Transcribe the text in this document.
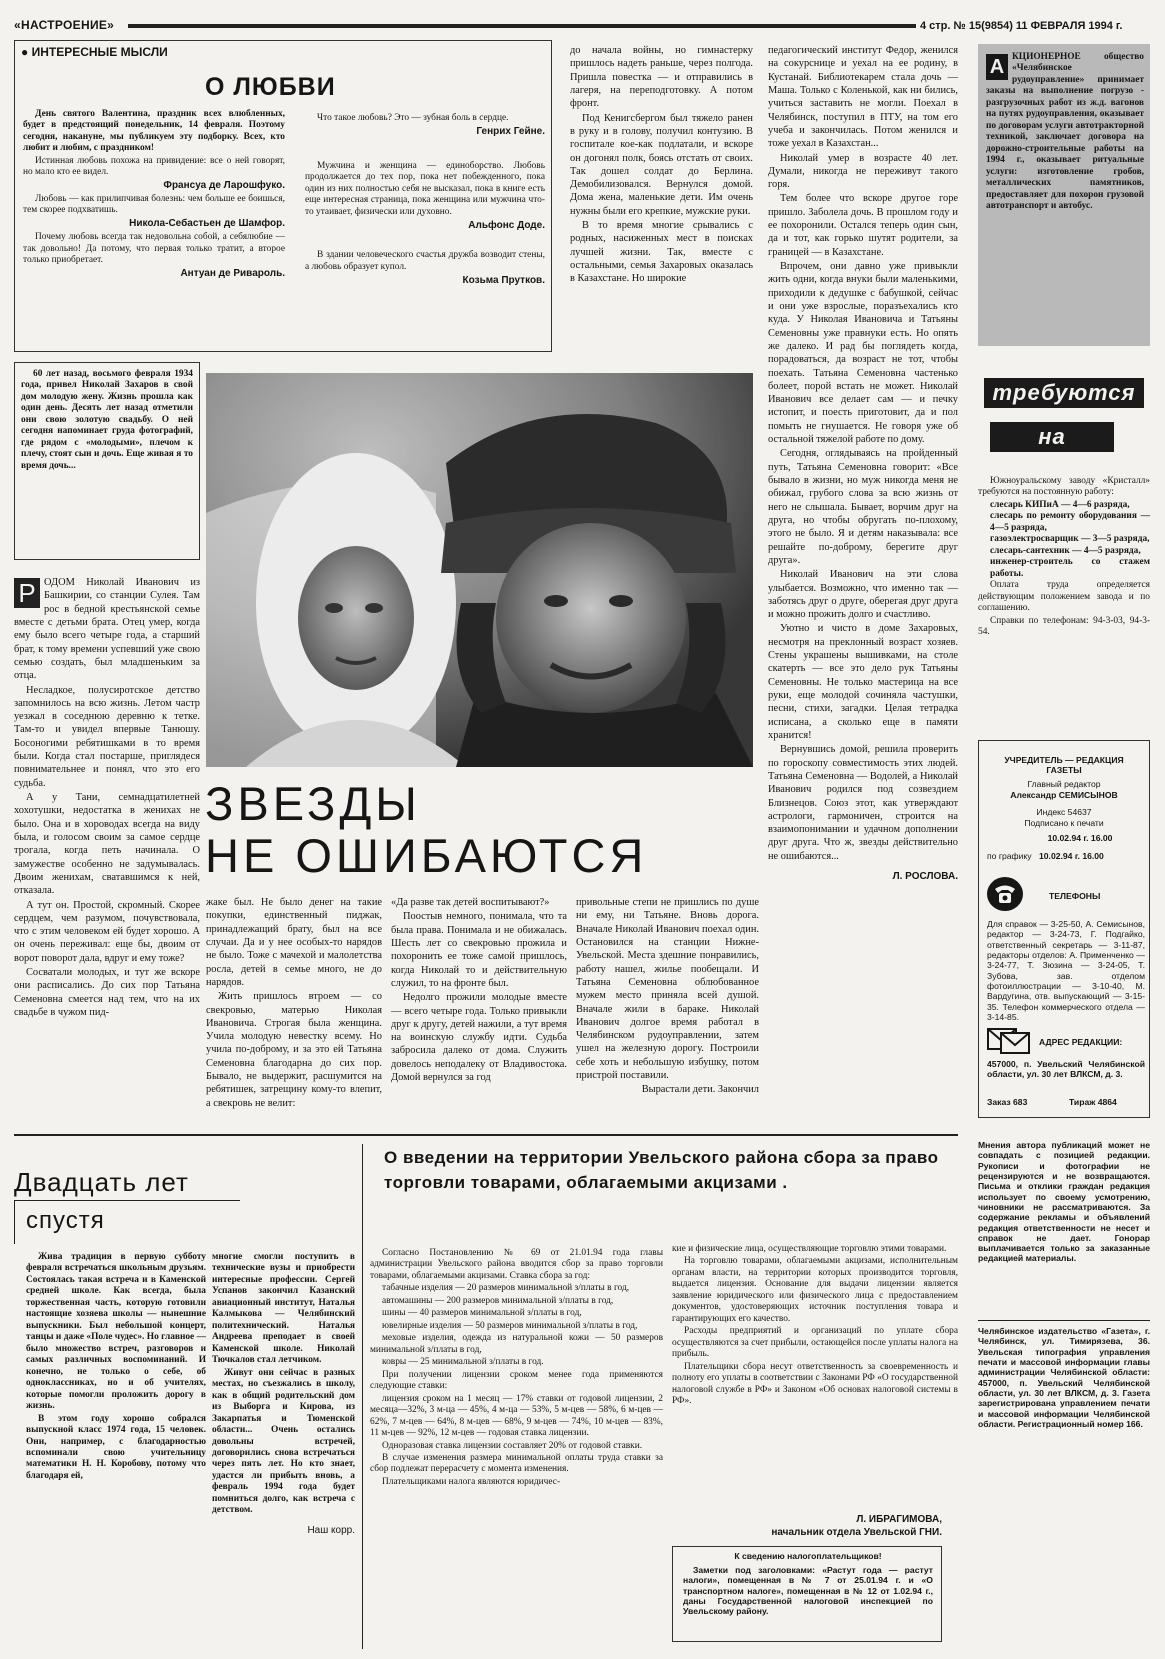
«НАСТРОЕНИЕ»	4 стр. № 15(9854) 11 ФЕВРАЛЯ 1994 г.
● ИНТЕРЕСНЫЕ МЫСЛИ
О ЛЮБВИ

День святого Валентина, праздник всех влюбленных, будет в предстоящий понедельник, 14 февраля. Поэтому сегодня, накануне, мы публикуем эту подборку. Всех, кто любит и любим, с праздником!

Истинная любовь похожа на привидение: все о ней говорят, но мало кто ее видел.

Франсуа де Ларошфуко.

Любовь — как прилипчивая болезнь: чем больше ее боишься, тем скорее подхватишь.

Никола-Себастьен де Шамфор.

Почему любовь всегда так недовольна собой, а себялюбие — так довольно! Да потому, что первая только тратит, а второе только приобретает.

Антуан де Ривароль.

Что такое любовь? Это — зубная боль в сердце.

Генрих Гейне.

Мужчина и женщина — единоборство. Любовь продолжается до тех пор, пока нет побежденного, пока один из них полностью себя не высказал, пока в книге есть еще интересная страница, пока женщина или мужчина что-то утаивает, физически или духовно.

Альфонс Доде.

В здании человеческого счастья дружба возводит стены, а любовь образует купол.

Козьма Прутков.
60 лет назад, восьмого февраля 1934 года, привел Николай Захаров в свой дом молодую жену. Жизнь прошла как один день. Десять лет назад отметили они свою золотую свадьбу. О ней сегодня напоминает груда фотографий, где рядом с «молодыми», плечом к плечу, стоят сын и дочь. Еще живая я то время дочь...
Р ОДОМ Николай Иванович из Башкирии, со станции Сулея. Там рос в бедной крестьянской семье вместе с детьми брата. Отец умер, когда ему было всего четыре года, а старший брат, к тому времени успевший уже свою семью создать, был младшеньким за отца.

Несладкое, полусиротское детство запомнилось на всю жизнь. Летом частр уезжал в соседнюю деревню к тетке. Там-то и увидел впервые Танюшу. Босоногими ребятишками в то время были. Когда стал постарше, приглядеся повнимательнее и понял, что это его судьба.

А у Тани, семнадцатилетней хохотушки, недостатка в женихах не было. Она и в хороводах всегда на виду была, и голосом своим за самое сердце трогала, когда петь начинала. О замужестве особенно не задумывалась. Двоим женихам, сватавшимся к ней, отказала.

А тут он. Простой, скромный. Скорее сердцем, чем разумом, почувствовала, что с этим человеком ей будет хорошо. А он очень переживал: еще бы, двоим от ворот поворот дала, вдруг и ему тоже?

Сосватали молодых, и тут же вскоре они расписались. До сих пор Татьяна Семеновна смеется над тем, что на их свадьбе в чужом пид-

ЗВЕЗДЫ
НЕ ОШИБАЮТСЯ

жаке был. Не было денег на такие покупки, единственный пиджак, принадлежащий брату, был на все случаи. Да и у нее особых-то нарядов не было. Тоже с мачехой и малолетства росла, детей в семье много, не до нарядов.

Жить пришлось втроем — со свекровью, матерью Николая Ивановича. Строгая была женщина. Учила молодую невестку всему. Но учила по-доброму, и за это ей Татьяна Семеновна благодарна до сих пор. Бывало, не выдержит, расшумится на ребятишек, затрещину кому-то влепит, а свекровь не велит:

«Да разве так детей воспитывают?»

Поостыв немного, понимала, что та была права. Понимала и не обижалась. Шесть лет со свекровью прожила и похоронить ее тоже самой пришлось, когда Николай то и действительную служил, то на фронте был.

Недолго прожили молодые вместе — всего четыре года. Только привыкли друг к другу, детей нажили, а тут время на воинскую службу идти. Судьба забросила далеко от дома. Служить довелось неподалеку от Владивостока. Домой вернулся за год

до начала войны, но гимнастерку пришлось надеть раньше, через полгода. Пришла повестка — и отправились в лагеря, на переподготовку. А потом фронт.

Под Кенигсбергом был тяжело ранен в руку и в голову, получил контузию. В госпитале кое-как подлатали, и вскоре он догонял полк, боясь отстать от своих. Так дошел солдат до Берлина. Демобилизовался. Вернулся домой. Дома жена, маленькие дети. Им очень нужны были его крепкие, мужские руки.

В то время многие срывались с родных, насиженных мест в поисках лучшей жизни. Так, вместе с остальными, семья Захаровых оказалась в Казахстане. Но широкие

привольные степи не пришлись по душе ни ему, ни Татьяне. Вновь дорога. Вначале Николай Иванович поехал один. Остановился на станции Нижне-Увельской. Места здешние понравились, работу нашел, жилье пообещали. И Татьяна Семеновна облюбованное мужем место приняла всей душой. Вначале жили в бараке. Николай Иванович долгое время работал в Челябинском рудоуправлении, затем ушел на железную дорогу. Построили себе хоть и небольшую избушку, потом пристрой поставили.

Вырастали дети. Закончил

педагогический институт Федор, женился на сокурснице и уехал на ее родину, в Кустанай. Библиотекарем стала дочь — Маша. Только с Коленькой, как ни бились, учиться заставить не могли. Поехал в Челябинск, поступил в ПТУ, на том его учеба и закончилась. Потом женился и тоже уехал в Казахстан...

Николай умер в возрасте 40 лет. Думали, никогда не переживут такого горя.

Тем более что вскоре другое горе пришло. Заболела дочь. В прошлом году и ее похоронили. Остался теперь один сын, да и тот, как горько шутят родители, за границей — в Казахстане.

Впрочем, они давно уже привыкли жить одни, когда внуки были маленькими, приходили к дедушке с бабушкой, сейчас и они уже взрослые, поразъехались кто куда. У Николая Ивановича и Татьяны Семеновны уже правнуки есть. Но опять же далеко. И рад бы поглядеть когда, порадоваться, да возраст не тот, чтобы поехать. Татьяна Семеновна частенько болеет, порой встать не может. Николай Иванович все делает сам — и печку истопит, и поесть приготовит, да и пол помыть не гнушается. Не говоря уже об остальной тяжелой работе по дому.

Сегодня, оглядываясь на пройденный путь, Татьяна Семеновна говорит: «Все бывало в жизни, но муж никогда меня не обижал, грубого слова за всю жизнь от него не слышала. Бывает, ворчим друг на друга, но чтобы обругать по-плохому, этого не было. Я и детям наказывала: все решайте по-доброму, берегите друг друга».

Николай Иванович на эти слова улыбается. Возможно, что именно так — заботясь друг о друге, оберегая друг друга и можно прожить долго и счастливо.

Уютно и чисто в доме Захаровых, несмотря на преклонный возраст хозяев. Стены украшены вышивками, на столе скатерть — все это дело рук Татьяны Семеновны. Не только мастерица на все руки, еще молодой сочиняла частушки, песни, стихи, загадки. Целая тетрадка исписана, а сколько еще в памяти хранится!

Вернувшись домой, решила проверить по гороскопу совместимость этих людей. Татьяна Семеновна — Водолей, а Николай Иванович родился под созвездием Близнецов. Союз этот, как утверждают астрологи, гармоничен, строится на взаимопонимании и удачном дополнении друг друга. Что ж, звезды действительно не ошибаются...

Л. РОСЛОВА.
А КЦИОНЕРНОЕ общество «Челябинское рудоуправление» принимает заказы на выполнение погрузо - разгрузочных работ из ж.д. вагонов на путях рудоуправления, оказывает по договорам услуги автотракторной техникой, заключает договора на дорожно-строительные работы на 1994 г., оказывает ритуальные услуги: изготовление гробов, металлических памятников, предоставляет для похорон грузовой автотранспорт и автобус.
требуются
на работу

Южноуральскому заводу «Кристалл» требуются на постоянную работу:

слесарь КИПиА — 4—6 разряда,
слесарь по ремонту оборудования — 4—5 разряда,
газоэлектросварщик — 3—5 разряда,
слесарь-сантехник — 4—5 разряда,
инженер-строитель со стажем работы.

Оплата труда определяется действующим положением завода и по соглашению.

Справки по телефонам: 94-3-03, 94-3-54.

УЧРЕДИТЕЛЬ — РЕДАКЦИЯ ГАЗЕТЫ
Главный редактор
Александр СЕМИСЫНОВ
Индекс 54637
Подписано к печати
10.02.94 г. 16.00
по графику 10.02.94 г. 16.00
ТЕЛЕФОНЫ
Для справок — 3-25-50, А. Семисынов, редактор — 3-24-73, Г. Подгайко, ответственный секретарь — 3-11-87, редакторы отделов: А. Применченко — 3-24-77, Т. Зюзина — 3-24-05, Т. Зубова, зав. отделом фотоиллюстрации — 3-10-40, М. Вардугина, отв. выпускающий — 3-15-35. Телефон коммерческого отдела — 3-14-85.
АДРЕС РЕДАКЦИИ:
457000, п. Увельский Челябинской области, ул. 30 лет ВЛКСМ, д. 3.
Заказ 683	Тираж 4864
Мнения автора публикаций может не совпадать с позицией редакции. Рукописи и фотографии не рецензируются и не возвращаются. Письма и отклики граждан редакция использует по своему усмотрению, чиновники не рассматриваются. За содержание рекламы и объявлений редакция ответственности не несет и справок не дает. Гонорар выплачивается только за заказанные редакцией материалы.
Челябинское издательство «Газета», г. Челябинск, ул. Тимирязева, 36. Увельская типография управления печати и массовой информации главы администрации Челябинской области: 457000, п. Увельский Челябинской области, ул. 30 лет ВЛКСМ, д. 3. Газета зарегистрирована управлением печати и массовой информации Челябинской области. Регистрационный номер 166.
Двадцать лет
спустя

Жива традиция в первую субботу февраля встречаться школьным друзьям. Состоялась такая встреча и в Каменской средней школе. Как всегда, была торжественная часть, которую готовили настоящие хозяева школы — нынешние выпускники. Был небольшой концерт, танцы и даже «Поле чудес». Но главное — было множество встреч, разговоров и самых различных воспоминаний. И конечно, не только о себе, об одноклассниках, но и об учителях, которые помогли проложить дорогу в жизнь.

В этом году хорошо собрался выпускной класс 1974 года, 15 человек. Они, например, с благодарностью вспоминали свою учительницу математики Н. Н. Коробову, потому что благодаря ей,

многие смогли поступить в технические вузы и приобрести интересные профессии. Сергей Успанов закончил Казанский авиационный институт, Наталья Калмыкова — Челябинский политехнический. Наталья Андреева преподает в своей Каменской школе. Николай Тючкалов стал летчиком.

Живут они сейчас в разных местах, но съезжались в школу, как в общий родительский дом из Выборга и Кирова, из Закарпатья и Тюменской области... Очень остались довольны встречей, договорились снова встречаться через пять лет. Но кто знает, удастся ли прибыть вновь, а февраль 1994 года будет помниться долго, как встреча с детством.

Наш корр.
О введении на территории Увельского района сбора за право торговли товарами, облагаемыми акцизами .

Согласно Постановлению № 69 от 21.01.94 года главы администрации Увельского района вводится сбор за право торговли товарами, облагаемыми акцизами. Ставка сбора за год:

табачные изделия — 20 размеров минимальной з/платы в год,

автомашины — 200 размеров минимальной з/платы в год,

шины — 40 размеров минимальной з/платы в год,

ювелирные изделия — 50 размеров минимальной з/платы в год,

меховые изделия, одежда из натуральной кожи — 50 размеров минимальной з/платы в год,

ковры — 25 минимальной з/платы в год.

При получении лицензии сроком менее года применяются следующие ставки:

лицензия сроком на 1 месяц — 17% ставки от годовой лицензии, 2 месяца—32%, 3 м-ца — 45%, 4 м-ца — 53%, 5 м-цев — 58%, 6 м-цев — 62%, 7 м-цев — 64%, 8 м-цев — 68%, 9 м-цев — 74%, 10 м-цев — 83%, 11 м-цев — 92%, 12 м-цев — годовая ставка лицензии.

Одноразовая ставка лицензии составляет 20% от годовой ставки.

В случае изменения размера минимальной оплаты труда ставки за сбор подлежат перерасчету с момента изменения.

Плательщиками налога являются юридичес-

кие и физические лица, осуществляющие торговлю этими товарами.

На торговлю товарами, облагаемыми акцизами, исполнительным органам власти, на территории которых производится торговля, выдается лицензия. Основание для выдачи лицензии является заявление юридического или физического лица с предоставлением документов, удостоверяющих источник поступления товара и гарантирующих его качество.

Расходы предприятий и организаций по уплате сбора осуществляются за счет прибыли, остающейся после уплаты налога на прибыль.

Плательщики сбора несут ответственность за своевременность и полноту его уплаты в соответствии с Законами РФ «О государственной налоговой службе в РФ» и Законом «Об основах налоговой системы в РФ».

Л. ИБРАГИМОВА,
начальник отдела Увельской ГНИ.
К сведению налогоплательщиков!
Заметки под заголовками: «Растут года — растут налоги», помещенная в № 7 от 25.01.94 г. и «О транспортном налоге», помещенная в № 12 от 1.02.94 г., даны Государственной налоговой инспекцией по Увельскому району.
